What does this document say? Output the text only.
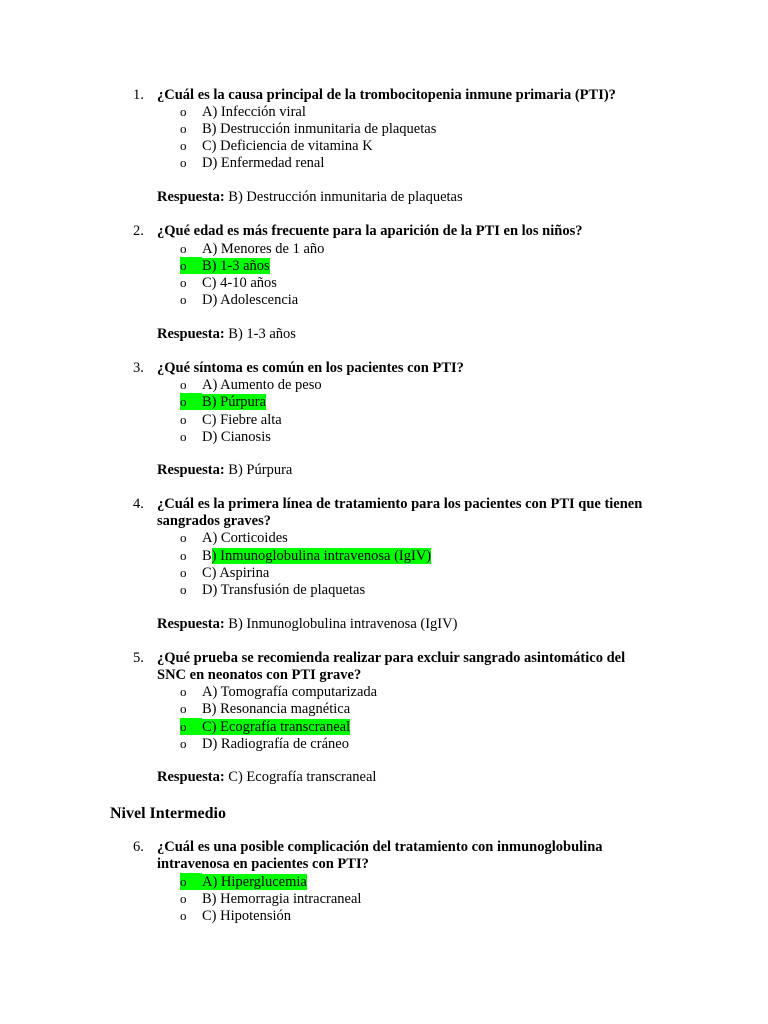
1. ¿Cuál es la causa principal de la trombocitopenia inmune primaria (PTI)?
o A) Infección viral
o B) Destrucción inmunitaria de plaquetas
o C) Deficiencia de vitamina K
o D) Enfermedad renal
Respuesta: B) Destrucción inmunitaria de plaquetas
2. ¿Qué edad es más frecuente para la aparición de la PTI en los niños?
o A) Menores de 1 año
o B) 1-3 años
o C) 4-10 años
o D) Adolescencia
Respuesta: B) 1-3 años
3. ¿Qué síntoma es común en los pacientes con PTI?
o A) Aumento de peso
o B) Púrpura
o C) Fiebre alta
o D) Cianosis
Respuesta: B) Púrpura
4. ¿Cuál es la primera línea de tratamiento para los pacientes con PTI que tienen sangrados graves?
o A) Corticoides
o B) Inmunoglobulina intravenosa (IgIV)
o C) Aspirina
o D) Transfusión de plaquetas
Respuesta: B) Inmunoglobulina intravenosa (IgIV)
5. ¿Qué prueba se recomienda realizar para excluir sangrado asintomático del SNC en neonatos con PTI grave?
o A) Tomografía computarizada
o B) Resonancia magnética
o C) Ecografía transcraneal
o D) Radiografía de cráneo
Respuesta: C) Ecografía transcraneal
Nivel Intermedio
6. ¿Cuál es una posible complicación del tratamiento con inmunoglobulina intravenosa en pacientes con PTI?
o A) Hiperglucemia
o B) Hemorragia intracraneal
o C) Hipotensión
